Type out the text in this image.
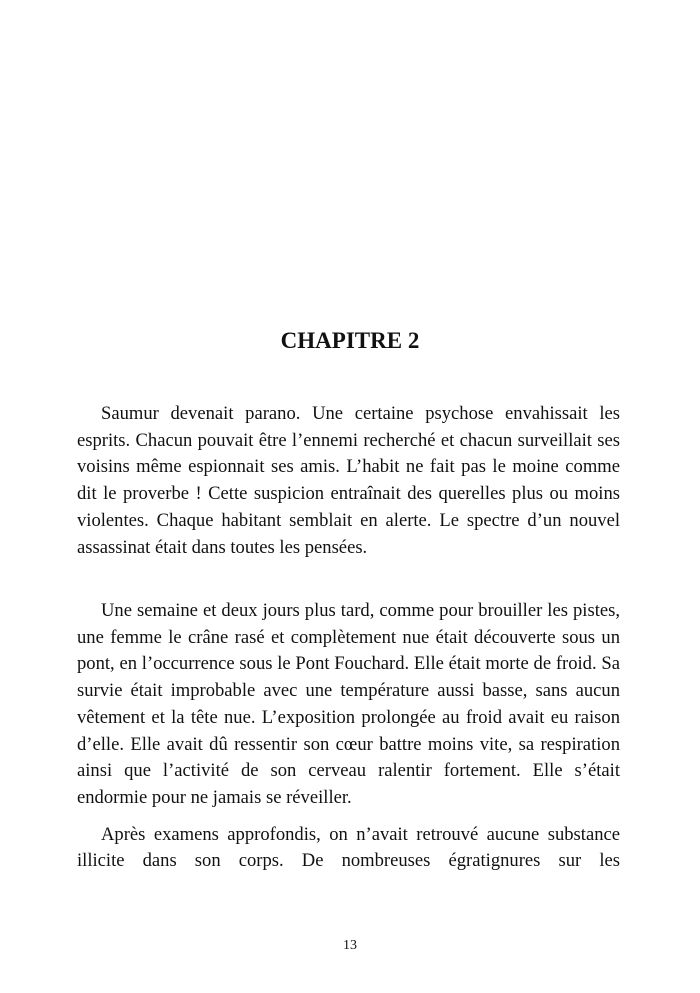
CHAPITRE 2

Saumur devenait parano. Une certaine psychose envahissait les esprits. Chacun pouvait être l’ennemi recherché et chacun surveillait ses voisins même espionnait ses amis. L’habit ne fait pas le moine comme dit le proverbe ! Cette suspicion entraînait des querelles plus ou moins violentes. Chaque habitant semblait en alerte. Le spectre d’un nouvel assassinat était dans toutes les pensées.

Une semaine et deux jours plus tard, comme pour brouiller les pistes, une femme le crâne rasé et complètement nue était découverte sous un pont, en l’occurrence sous le Pont Fouchard. Elle était morte de froid. Sa survie était improbable avec une température aussi basse, sans aucun vêtement et la tête nue. L’exposition prolongée au froid avait eu raison d’elle. Elle avait dû ressentir son cœur battre moins vite, sa respiration ainsi que l’activité de son cerveau ralentir fortement. Elle s’était endormie pour ne jamais se réveiller.

Après examens approfondis, on n’avait retrouvé aucune substance illicite dans son corps. De nombreuses égratignures sur les

13
